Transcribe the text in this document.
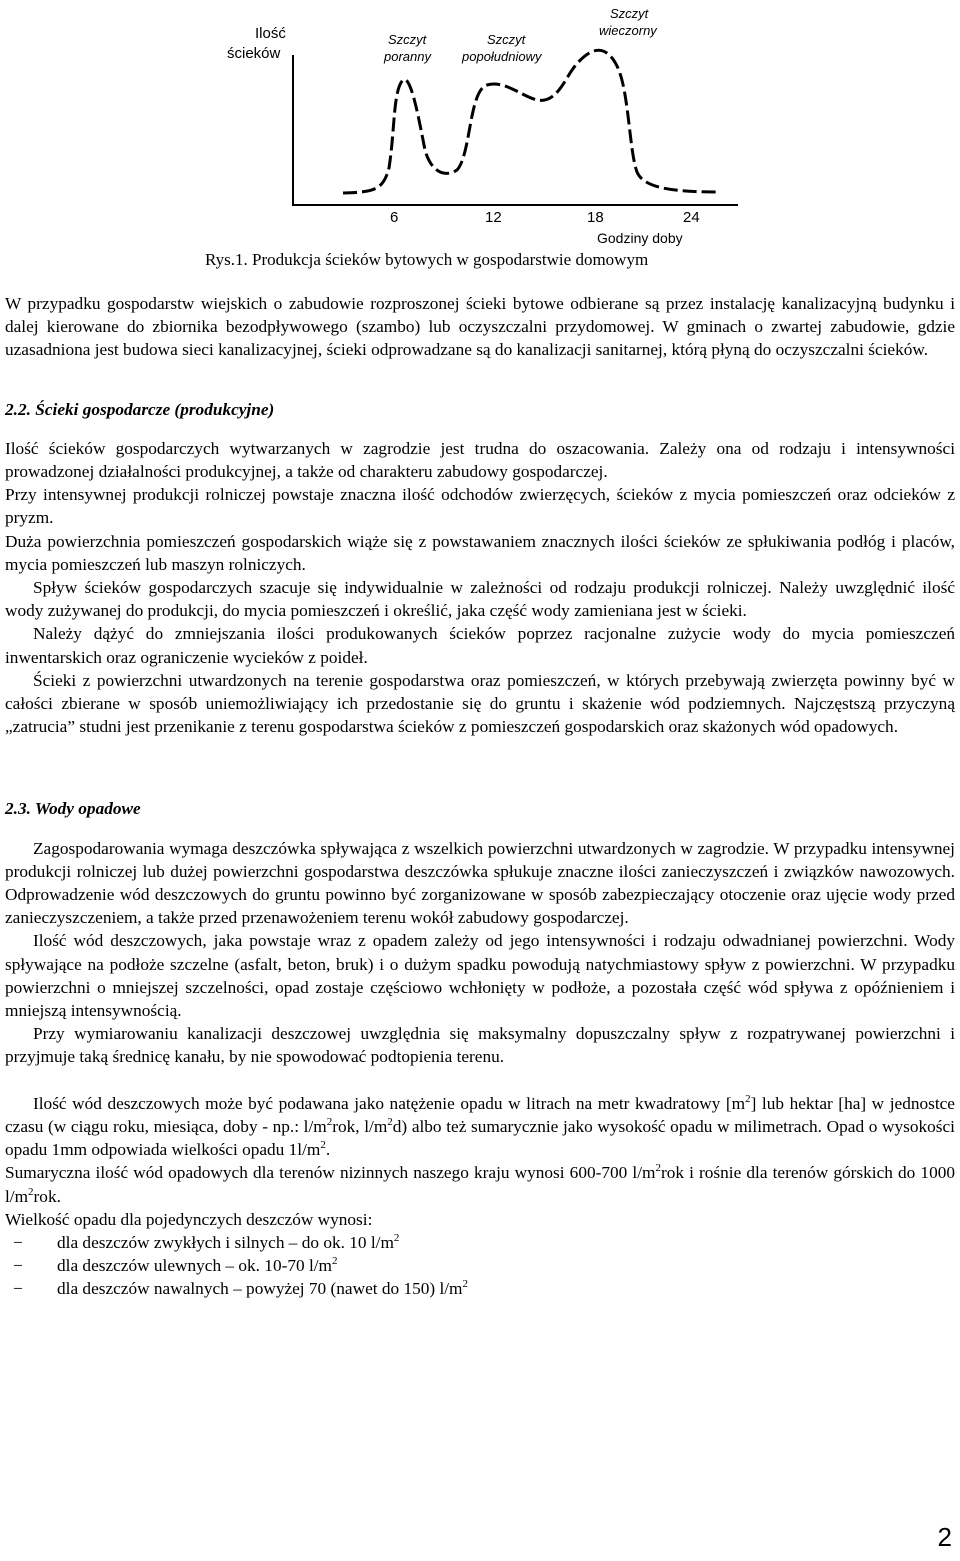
Ilość
ścieków
Szczyt
poranny
Szczyt
popołudniowy
Szczyt
wieczorny
6	12	18	24
Godziny doby
Rys.1. Produkcja ścieków bytowych w gospodarstwie domowym

W przypadku gospodarstw wiejskich o zabudowie rozproszonej ścieki bytowe odbierane są przez instalację kanalizacyjną budynku i dalej kierowane do zbiornika bezodpływowego (szambo) lub oczyszczalni przydomowej. W gminach o zwartej zabudowie, gdzie uzasadniona jest budowa sieci kanalizacyjnej, ścieki odprowadzane są do kanalizacji sanitarnej, którą płyną do oczyszczalni ścieków.

2.2. Ścieki gospodarcze (produkcyjne)

Ilość ścieków gospodarczych wytwarzanych w zagrodzie jest trudna do oszacowania. Zależy ona od rodzaju i intensywności prowadzonej działalności produkcyjnej, a także od charakteru zabudowy gospodarczej.

Przy intensywnej produkcji rolniczej powstaje znaczna ilość odchodów zwierzęcych, ścieków z mycia pomieszczeń oraz odcieków z pryzm.

Duża powierzchnia pomieszczeń gospodarskich wiąże się z powstawaniem znacznych ilości ścieków ze spłukiwania podłóg i placów, mycia pomieszczeń lub maszyn rolniczych.

Spływ ścieków gospodarczych szacuje się indywidualnie w zależności od rodzaju produkcji rolniczej. Należy uwzględnić ilość wody zużywanej do produkcji, do mycia pomieszczeń i określić, jaka część wody zamieniana jest w ścieki.

Należy dążyć do zmniejszania ilości produkowanych ścieków poprzez racjonalne zużycie wody do mycia pomieszczeń inwentarskich oraz ograniczenie wycieków z poideł.

Ścieki z powierzchni utwardzonych na terenie gospodarstwa oraz pomieszczeń, w których przebywają zwierzęta powinny być w całości zbierane w sposób uniemożliwiający ich przedostanie się do gruntu i skażenie wód podziemnych. Najczęstszą przyczyną „zatrucia” studni jest przenikanie z terenu gospodarstwa ścieków z pomieszczeń gospodarskich oraz skażonych wód opadowych.

2.3. Wody opadowe

Zagospodarowania wymaga deszczówka spływająca z wszelkich powierzchni utwardzonych w zagrodzie. W przypadku intensywnej produkcji rolniczej lub dużej powierzchni gospodarstwa deszczówka spłukuje znaczne ilości zanieczyszczeń i związków nawozowych. Odprowadzenie wód deszczowych do gruntu powinno być zorganizowane w sposób zabezpieczający otoczenie oraz ujęcie wody przed zanieczyszczeniem, a także przed przenawożeniem terenu wokół zabudowy gospodarczej.

Ilość wód deszczowych, jaka powstaje wraz z opadem zależy od jego intensywności i rodzaju odwadnianej powierzchni. Wody spływające na podłoże szczelne (asfalt, beton, bruk) i o dużym spadku powodują natychmiastowy spływ z powierzchni. W przypadku powierzchni o mniejszej szczelności, opad zostaje częściowo wchłonięty w podłoże, a pozostała część wód spływa z opóźnieniem i mniejszą intensywnością.

Przy wymiarowaniu kanalizacji deszczowej uwzględnia się maksymalny dopuszczalny spływ z rozpatrywanej powierzchni i przyjmuje taką średnicę kanału, by nie spowodować podtopienia terenu.

Ilość wód deszczowych może być podawana jako natężenie opadu w litrach na metr kwadratowy $[m^2]$ lub hektar [ha] w jednostce czasu (w ciągu roku, miesiąca, doby - np.: $l/m^2rok$, $l/m^2d$) albo też sumarycznie jako wysokość opadu w milimetrach. Opad o wysokości opadu 1mm odpowiada wielkości opadu $1l/m^2$.

Sumaryczna ilość wód opadowych dla terenów nizinnych naszego kraju wynosi 600-700 $l/m^2rok$ i rośnie dla terenów górskich do 1000 $l/m^2rok$.

Wielkość opadu dla pojedynczych deszczów wynosi:

− dla deszczów zwykłych i silnych – do ok. 10 $l/m^2$
− dla deszczów ulewnych – ok. 10-70 $l/m^2$
− dla deszczów nawalnych – powyżej 70 (nawet do 150) $l/m^2$
2
